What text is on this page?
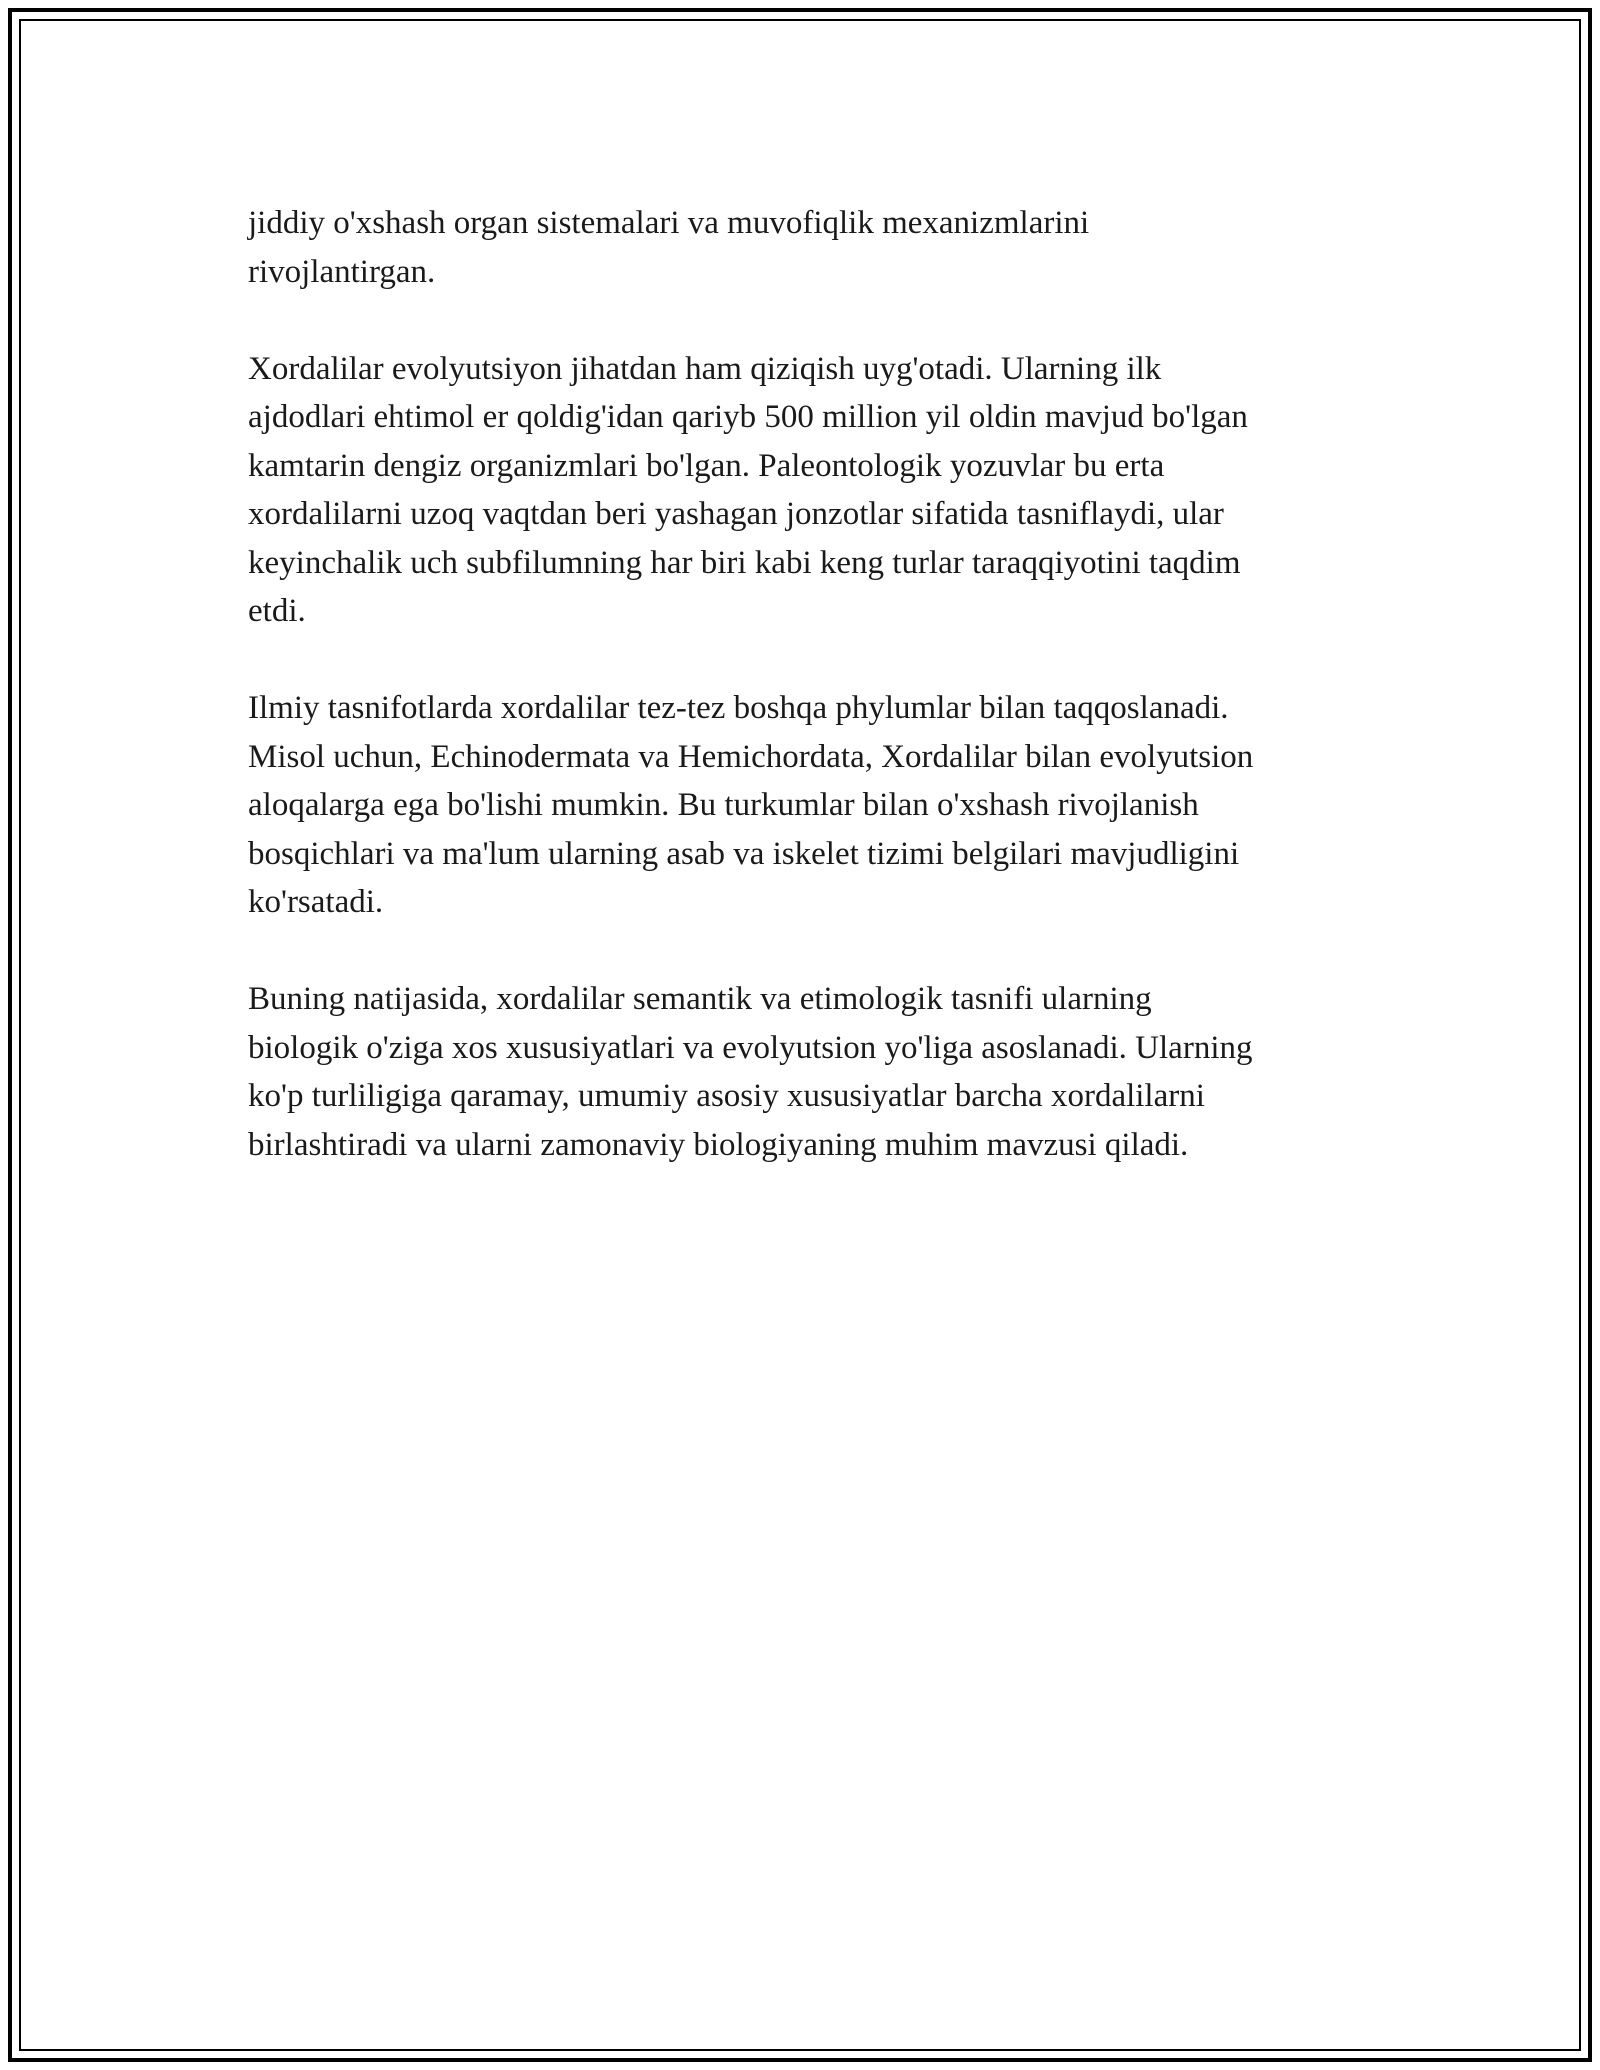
jiddiy o'xshash organ sistemalari va muvofiqlik mexanizmlarini
rivojlantirgan.

Xordalilar evolyutsiyon jihatdan ham qiziqish uyg'otadi. Ularning ilk
ajdodlari ehtimol er qoldig'idan qariyb 500 million yil oldin mavjud bo'lgan
kamtarin dengiz organizmlari bo'lgan. Paleontologik yozuvlar bu erta
xordalilarni uzoq vaqtdan beri yashagan jonzotlar sifatida tasniflaydi, ular
keyinchalik uch subfilumning har biri kabi keng turlar taraqqiyotini taqdim
etdi.

Ilmiy tasnifotlarda xordalilar tez-tez boshqa phylumlar bilan taqqoslanadi.
Misol uchun, Echinodermata va Hemichordata, Xordalilar bilan evolyutsion
aloqalarga ega bo'lishi mumkin. Bu turkumlar bilan o'xshash rivojlanish
bosqichlari va ma'lum ularning asab va iskelet tizimi belgilari mavjudligini
ko'rsatadi.

Buning natijasida, xordalilar semantik va etimologik tasnifi ularning
biologik o'ziga xos xususiyatlari va evolyutsion yo'liga asoslanadi. Ularning
ko'p turliligiga qaramay, umumiy asosiy xususiyatlar barcha xordalilarni
birlashtiradi va ularni zamonaviy biologiyaning muhim mavzusi qiladi.
